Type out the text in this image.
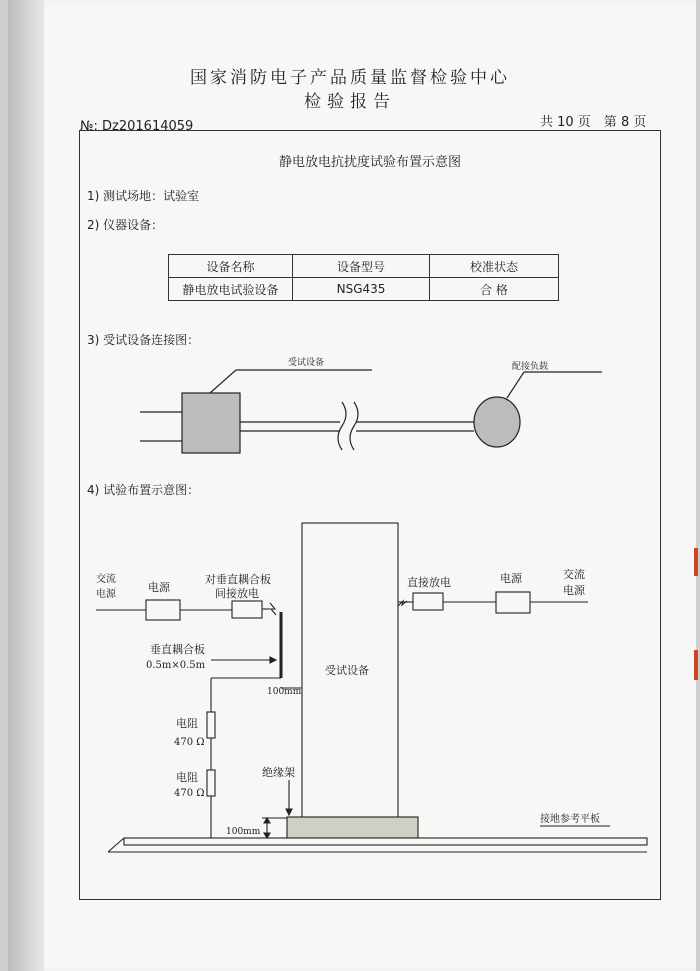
国家消防电子产品质量监督检验中心
检验报告
№: Dz201614059	共 10 页　第 8 页
静电放电抗扰度试验布置示意图
1) 测试场地：试验室
2) 仪器设备：
设备名称	设备型号	校准状态
静电放电试验设备	NSG435	合 格
3) 受试设备连接图：
4) 试验布置示意图：
受试设备	配接负载
交流
电源
电源
对垂直耦合板
间接放电
垂直耦合板
0.5m×0.5m
100mm
受试设备
电阻
470 Ω
电阻
470 Ω
绝缘架
100mm
直接放电	电源	交流
电源
接地参考平板
